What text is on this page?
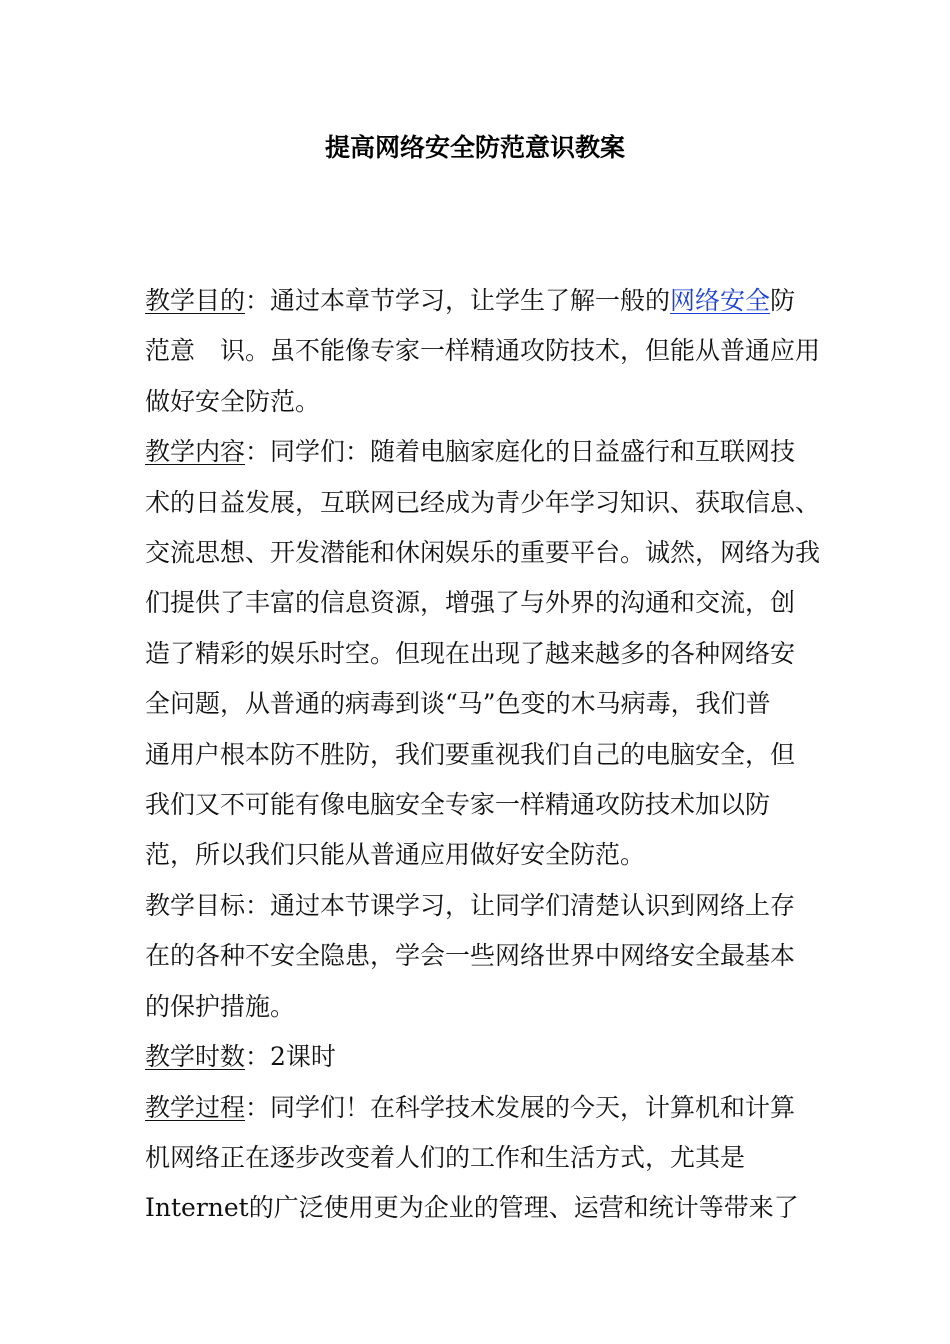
提高网络安全防范意识教案
教学目的：通过本章节学习，让学生了解一般的网络安全防
范意　识。虽不能像专家一样精通攻防技术，但能从普通应用
做好安全防范。
教学内容：同学们：随着电脑家庭化的日益盛行和互联网技
术的日益发展，互联网已经成为青少年学习知识、获取信息、
交流思想、开发潜能和休闲娱乐的重要平台。诚然，网络为我
们提供了丰富的信息资源，增强了与外界的沟通和交流，创
造了精彩的娱乐时空。但现在出现了越来越多的各种网络安
全问题，从普通的病毒到谈“马”色变的木马病毒，我们普
通用户根本防不胜防，我们要重视我们自己的电脑安全，但
我们又不可能有像电脑安全专家一样精通攻防技术加以防
范，所以我们只能从普通应用做好安全防范。
教学目标：通过本节课学习，让同学们清楚认识到网络上存
在的各种不安全隐患，学会一些网络世界中网络安全最基本
的保护措施。
教学时数：2课时
教学过程：同学们！在科学技术发展的今天，计算机和计算
机网络正在逐步改变着人们的工作和生活方式，尤其是
Internet的广泛使用更为企业的管理、运营和统计等带来了
